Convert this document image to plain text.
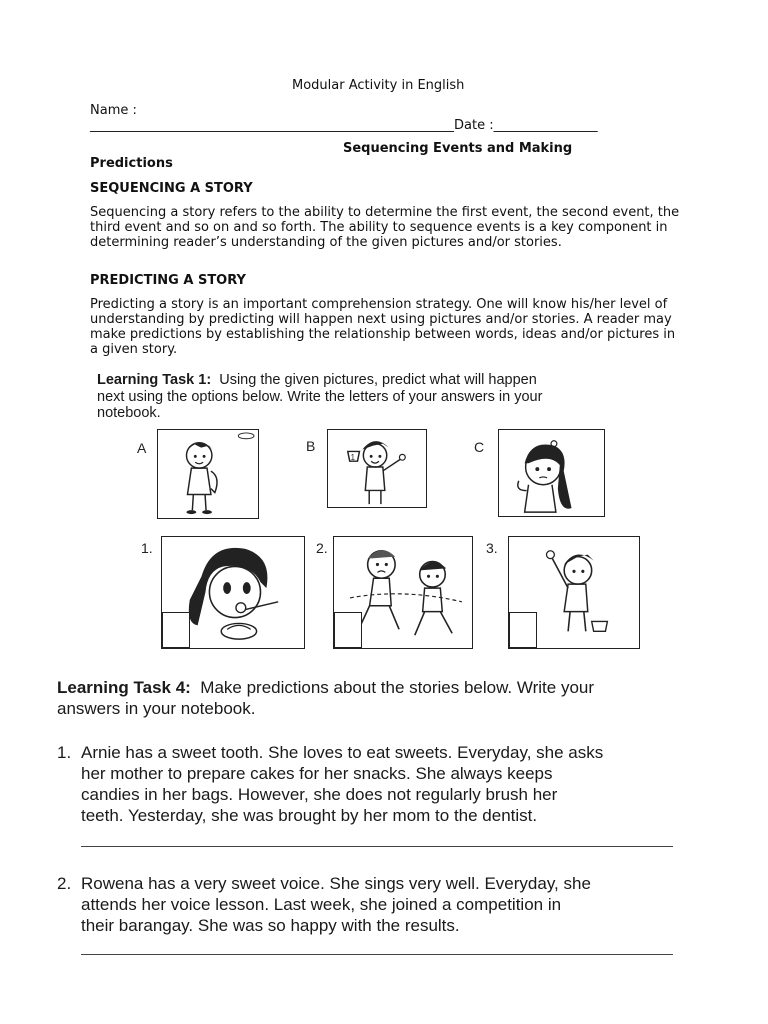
Modular Activity in English
Name :
________________________________________________________Date :________________
Sequencing Events and Making
Predictions
SEQUENCING A STORY
Sequencing a story refers to the ability to determine the first event, the second event, the third event and so on and so forth. The ability to sequence events is a key component in determining reader’s understanding of the given pictures and/or stories.
PREDICTING A STORY
Predicting a story is an important comprehension strategy. One will know his/her level of understanding by predicting will happen next using pictures and/or stories. A reader may make predictions by establishing the relationship between words, ideas and/or pictures in a given story.
Learning Task 1: Using the given pictures, predict what will happen
next using the options below. Write the letters of your answers in your
notebook.
A	B	C
1
1.	2.	3.
Learning Task 4: Make predictions about the stories below. Write your
answers in your notebook.
1. Arnie has a sweet tooth. She loves to eat sweets. Everyday, she asks
her mother to prepare cakes for her snacks. She always keeps
candies in her bags. However, she does not regularly brush her
teeth. Yesterday, she was brought by her mom to the dentist.
2. Rowena has a very sweet voice. She sings very well. Everyday, she
attends her voice lesson. Last week, she joined a competition in
their barangay. She was so happy with the results.
